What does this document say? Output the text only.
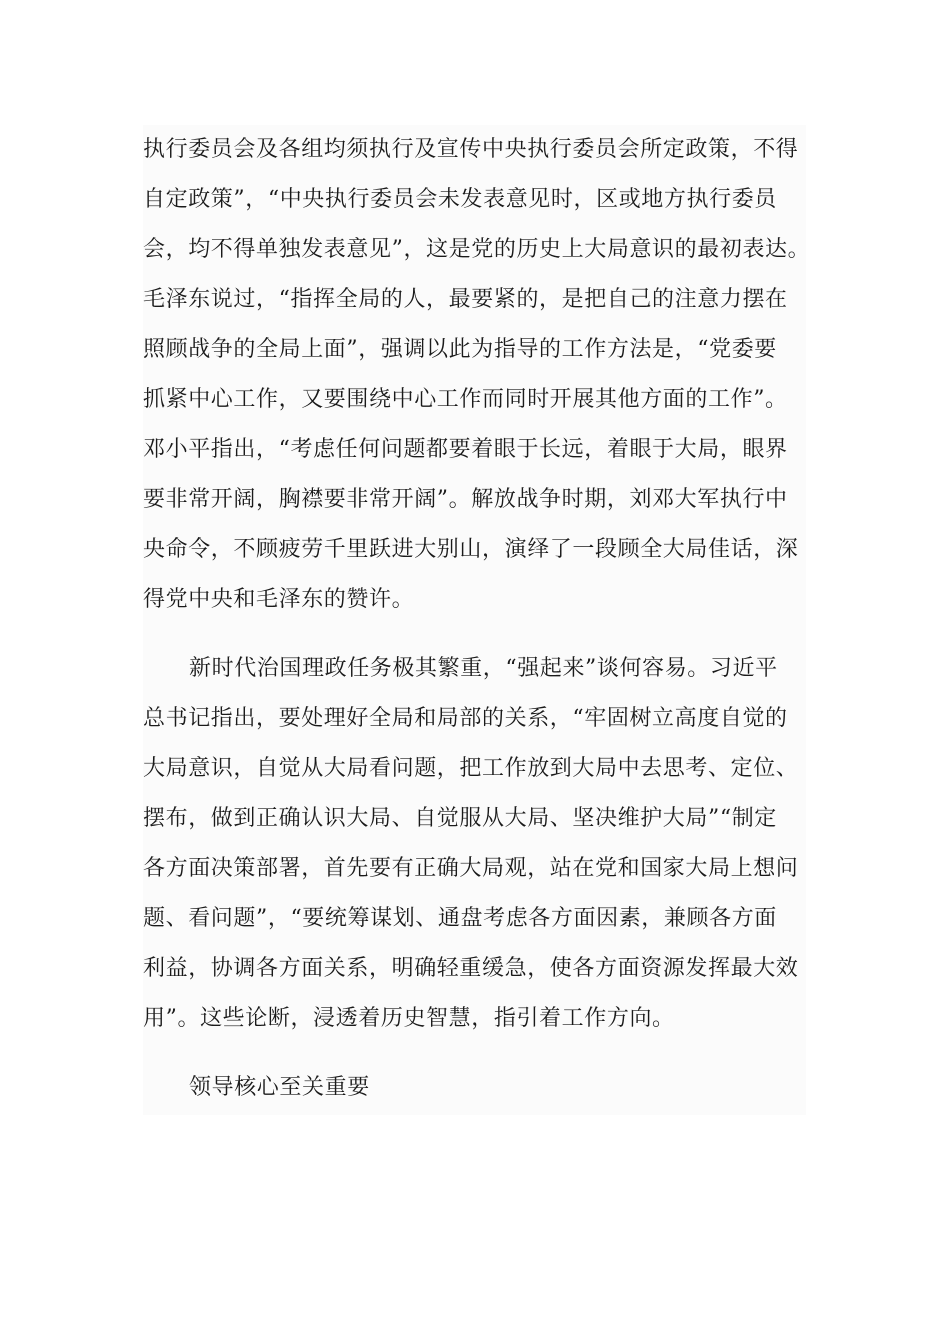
执行委员会及各组均须执行及宣传中央执行委员会所定政策，不得
自定政策”，“中央执行委员会未发表意见时，区或地方执行委员
会，均不得单独发表意见”，这是党的历史上大局意识的最初表达。
毛泽东说过，“指挥全局的人，最要紧的，是把自己的注意力摆在
照顾战争的全局上面”，强调以此为指导的工作方法是，“党委要
抓紧中心工作，又要围绕中心工作而同时开展其他方面的工作”。
邓小平指出，“考虑任何问题都要着眼于长远，着眼于大局，眼界
要非常开阔，胸襟要非常开阔”。解放战争时期，刘邓大军执行中
央命令，不顾疲劳千里跃进大别山，演绎了一段顾全大局佳话，深
得党中央和毛泽东的赞许。
新时代治国理政任务极其繁重，“强起来”谈何容易。习近平
总书记指出，要处理好全局和局部的关系，“牢固树立高度自觉的
大局意识，自觉从大局看问题，把工作放到大局中去思考、定位、
摆布，做到正确认识大局、自觉服从大局、坚决维护大局”“制定
各方面决策部署，首先要有正确大局观，站在党和国家大局上想问
题、看问题”，“要统筹谋划、通盘考虑各方面因素，兼顾各方面
利益，协调各方面关系，明确轻重缓急，使各方面资源发挥最大效
用”。这些论断，浸透着历史智慧，指引着工作方向。
领导核心至关重要
